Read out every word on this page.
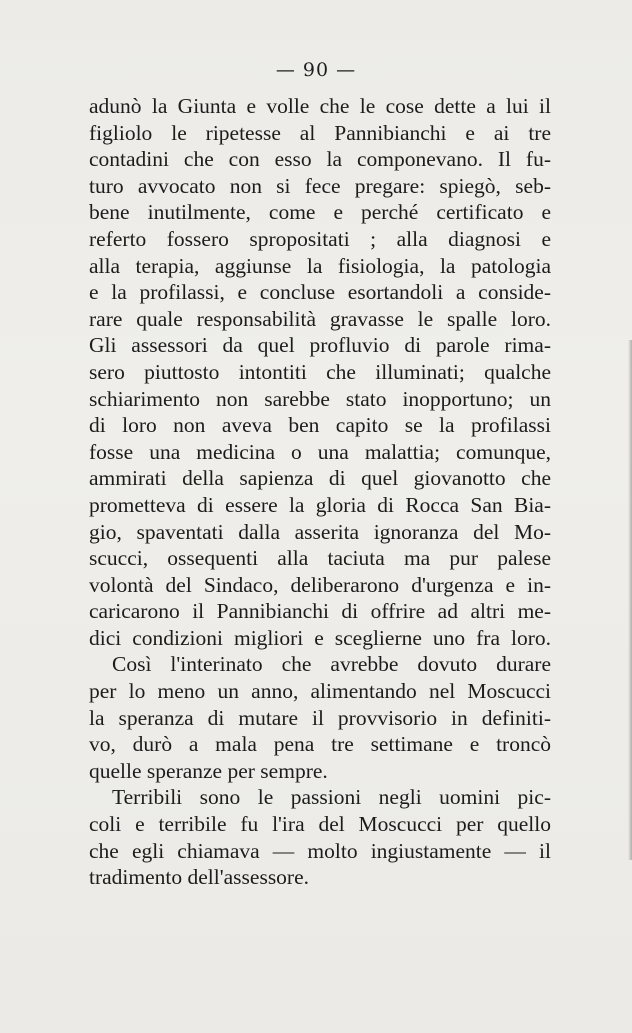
— 90 —
adunò la Giunta e volle che le cose dette a lui il
figliolo le ripetesse al Pannibianchi e ai tre
contadini che con esso la componevano. Il fu-
turo avvocato non si fece pregare: spiegò, seb-
bene inutilmente, come e perché certificato e
referto fossero spropositati ; alla diagnosi e
alla terapia, aggiunse la fisiologia, la patologia
e la profilassi, e concluse esortandoli a conside-
rare quale responsabilità gravasse le spalle loro.
Gli assessori da quel profluvio di parole rima-
sero piuttosto intontiti che illuminati; qualche
schiarimento non sarebbe stato inopportuno; un
di loro non aveva ben capito se la profilassi
fosse una medicina o una malattia; comunque,
ammirati della sapienza di quel giovanotto che
prometteva di essere la gloria di Rocca San Bia-
gio, spaventati dalla asserita ignoranza del Mo-
scucci, ossequenti alla taciuta ma pur palese
volontà del Sindaco, deliberarono d'urgenza e in-
caricarono il Pannibianchi di offrire ad altri me-
dici condizioni migliori e sceglierne uno fra loro.
Così l'interinato che avrebbe dovuto durare
per lo meno un anno, alimentando nel Moscucci
la speranza di mutare il provvisorio in definiti-
vo, durò a mala pena tre settimane e troncò
quelle speranze per sempre.
Terribili sono le passioni negli uomini pic-
coli e terribile fu l'ira del Moscucci per quello
che egli chiamava — molto ingiustamente — il
tradimento dell'assessore.
